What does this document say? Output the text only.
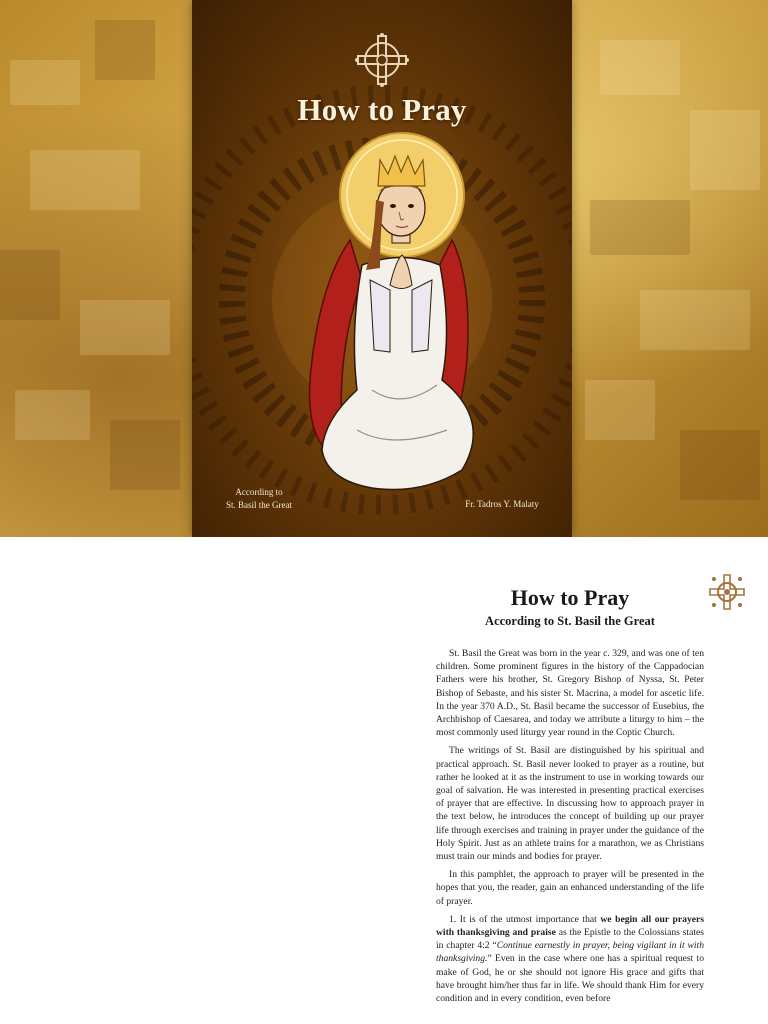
How to Pray
According to
St. Basil the Great	Fr. Tadros Y. Malaty
How to Pray
According to St. Basil the Great

St. Basil the Great was born in the year c. 329, and was one of ten children. Some prominent figures in the history of the Cappadocian Fathers were his brother, St. Gregory Bishop of Nyssa, St. Peter Bishop of Sebaste, and his sister St. Macrina, a model for ascetic life. In the year 370 A.D., St. Basil became the successor of Eusebius, the Archbishop of Caesarea, and today we attribute a liturgy to him – the most commonly used liturgy year round in the Coptic Church.

The writings of St. Basil are distinguished by his spiritual and practical approach. St. Basil never looked to prayer as a routine, but rather he looked at it as the instrument to use in working towards our goal of salvation. He was interested in presenting practical exercises of prayer that are effective. In discussing how to approach prayer in the text below, he introduces the concept of building up our prayer life through exercises and training in prayer under the guidance of the Holy Spirit. Just as an athlete trains for a marathon, we as Christians must train our minds and bodies for prayer.

In this pamphlet, the approach to prayer will be presented in the hopes that you, the reader, gain an enhanced understanding of the life of prayer.

1. It is of the utmost importance that we begin all our prayers with thanksgiving and praise as the Epistle to the Colossians states in chapter 4:2 “Continue earnestly in prayer, being vigilant in it with thanksgiving.” Even in the case where one has a spiritual request to make of God, he or she should not ignore His grace and gifts that have brought him/her thus far in life. We should thank Him for every condition and in every condition, even before
